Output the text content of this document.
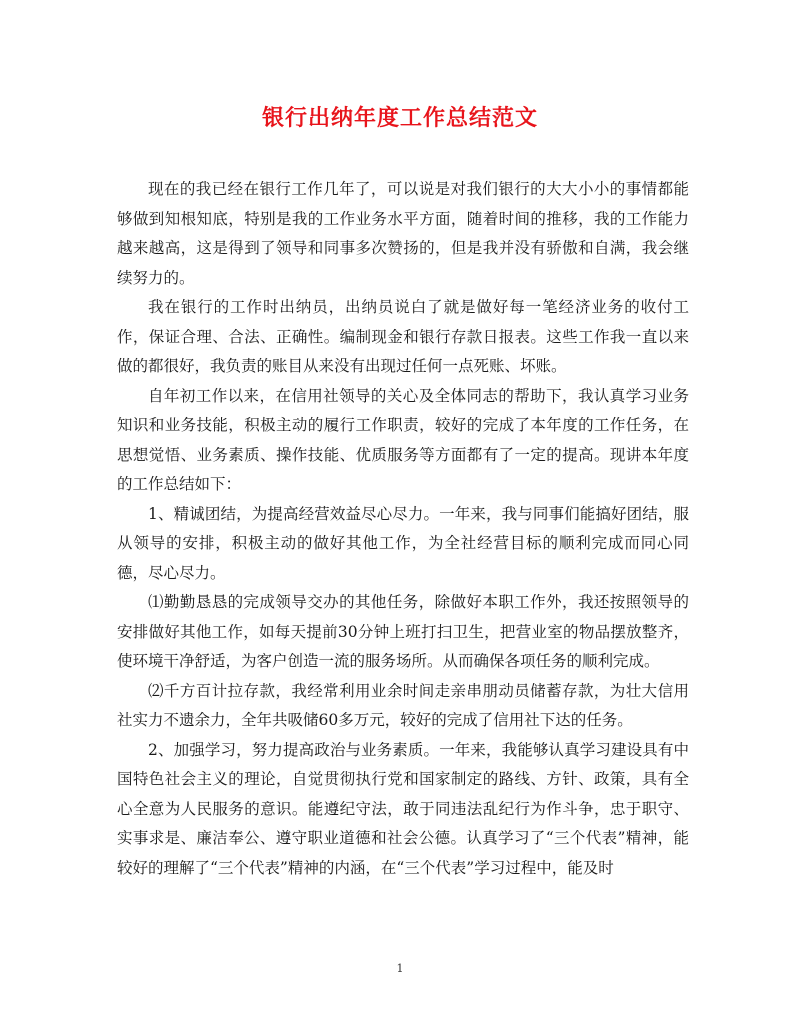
银行出纳年度工作总结范文

现在的我已经在银行工作几年了，可以说是对我们银行的大大小小的事情都能够做到知根知底，特别是我的工作业务水平方面，随着时间的推移，我的工作能力越来越高，这是得到了领导和同事多次赞扬的，但是我并没有骄傲和自满，我会继续努力的。

我在银行的工作时出纳员，出纳员说白了就是做好每一笔经济业务的收付工作，保证合理、合法、正确性。编制现金和银行存款日报表。这些工作我一直以来做的都很好，我负责的账目从来没有出现过任何一点死账、坏账。

自年初工作以来，在信用社领导的关心及全体同志的帮助下，我认真学习业务知识和业务技能，积极主动的履行工作职责，较好的完成了本年度的工作任务，在思想觉悟、业务素质、操作技能、优质服务等方面都有了一定的提高。现讲本年度的工作总结如下：

1、精诚团结，为提高经营效益尽心尽力。一年来，我与同事们能搞好团结，服从领导的安排，积极主动的做好其他工作，为全社经营目标的顺利完成而同心同德，尽心尽力。

⑴勤勤恳恳的完成领导交办的其他任务，除做好本职工作外，我还按照领导的安排做好其他工作，如每天提前30分钟上班打扫卫生，把营业室的物品摆放整齐，使环境干净舒适，为客户创造一流的服务场所。从而确保各项任务的顺利完成。

⑵千方百计拉存款，我经常利用业余时间走亲串朋动员储蓄存款，为壮大信用社实力不遗余力，全年共吸储60多万元，较好的完成了信用社下达的任务。

2、加强学习，努力提高政治与业务素质。一年来，我能够认真学习建设具有中国特色社会主义的理论，自觉贯彻执行党和国家制定的路线、方针、政策，具有全心全意为人民服务的意识。能遵纪守法，敢于同违法乱纪行为作斗争，忠于职守、实事求是、廉洁奉公、遵守职业道德和社会公德。认真学习了“三个代表”精神，能较好的理解了“三个代表”精神的内涵，在“三个代表”学习过程中，能及时

1
